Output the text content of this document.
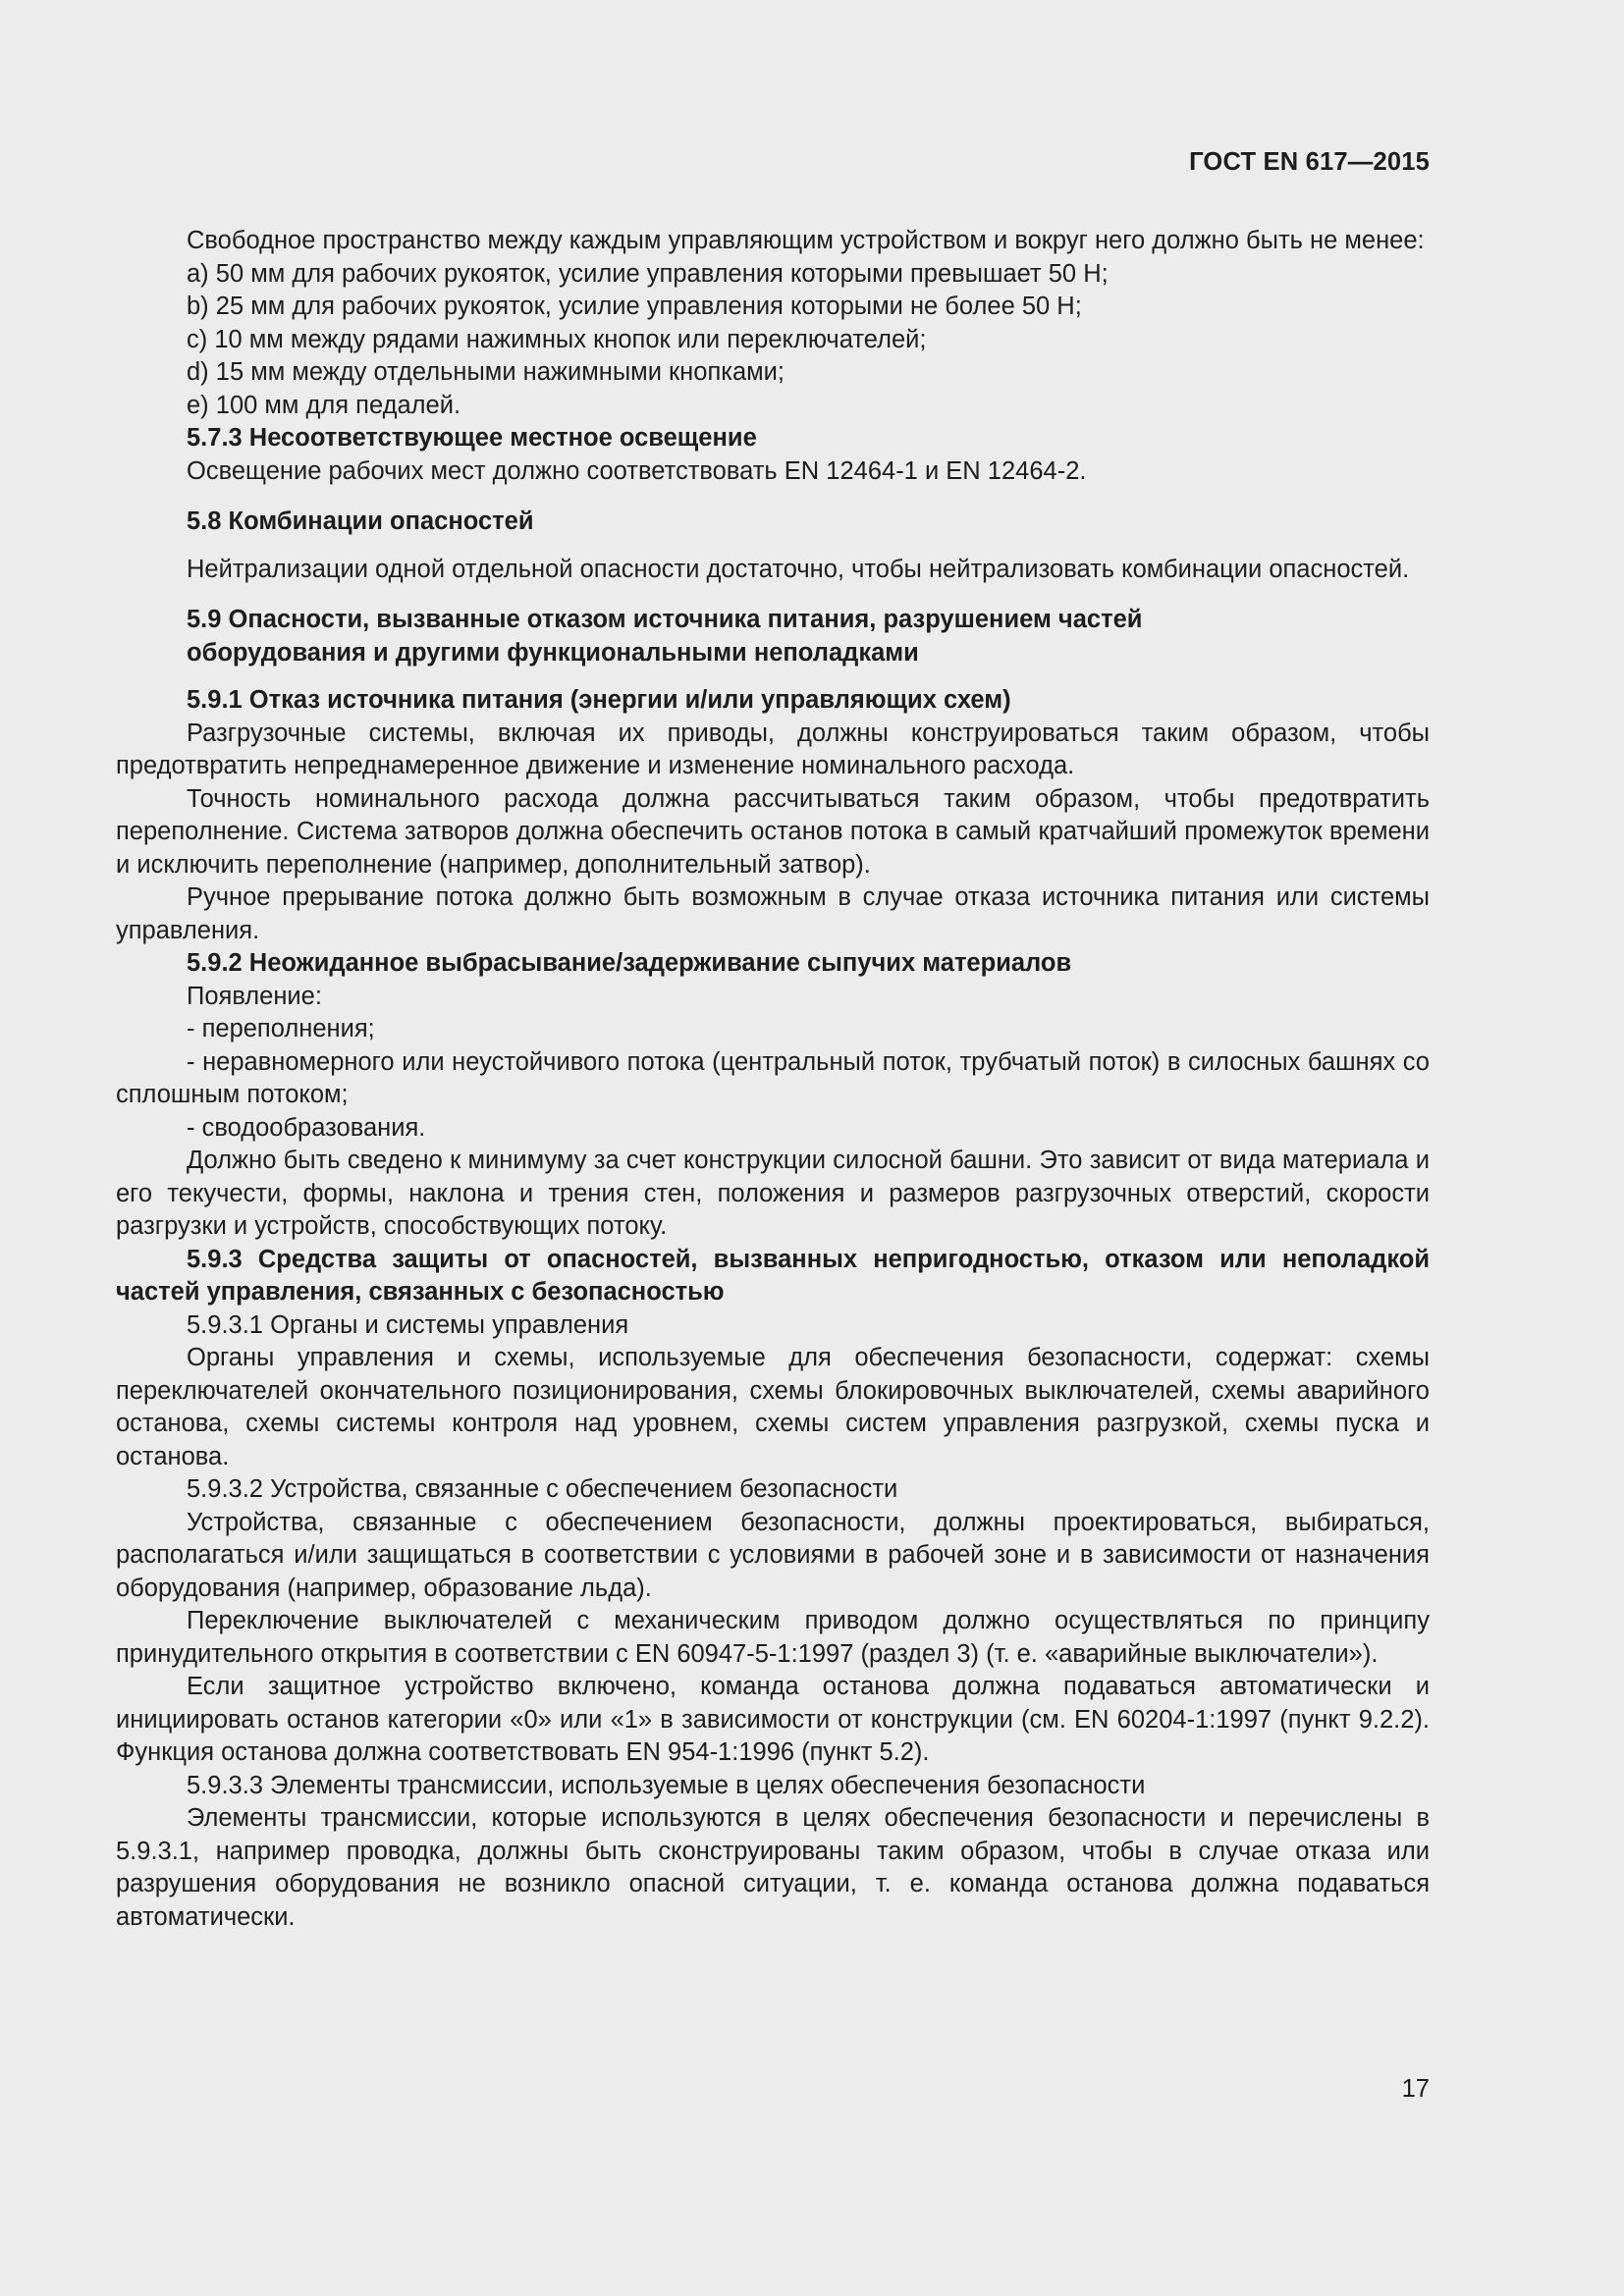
ГОСТ EN 617—2015

Свободное пространство между каждым управляющим устройством и вокруг него должно быть не менее:

a) 50 мм для рабочих рукояток, усилие управления которыми превышает 50 Н;

b) 25 мм для рабочих рукояток, усилие управления которыми не более 50 Н;

c) 10 мм между рядами нажимных кнопок или переключателей;

d) 15 мм между отдельными нажимными кнопками;

e) 100 мм для педалей.

5.7.3 Несоответствующее местное освещение

Освещение рабочих мест должно соответствовать EN 12464-1 и EN 12464-2.

5.8 Комбинации опасностей

Нейтрализации одной отдельной опасности достаточно, чтобы нейтрализовать комбинации опасностей.

5.9 Опасности, вызванные отказом источника питания, разрушением частей

оборудования и другими функциональными неполадками

5.9.1 Отказ источника питания (энергии и/или управляющих схем)

Разгрузочные системы, включая их приводы, должны конструироваться таким образом, чтобы предотвратить непреднамеренное движение и изменение номинального расхода.

Точность номинального расхода должна рассчитываться таким образом, чтобы предотвратить переполнение. Система затворов должна обеспечить останов потока в самый кратчайший промежуток времени и исключить переполнение (например, дополнительный затвор).

Ручное прерывание потока должно быть возможным в случае отказа источника питания или системы управления.

5.9.2 Неожиданное выбрасывание/задерживание сыпучих материалов

Появление:

- переполнения;

- неравномерного или неустойчивого потока (центральный поток, трубчатый поток) в силосных башнях со сплошным потоком;

- сводообразования.

Должно быть сведено к минимуму за счет конструкции силосной башни. Это зависит от вида материала и его текучести, формы, наклона и трения стен, положения и размеров разгрузочных отверстий, скорости разгрузки и устройств, способствующих потоку.

5.9.3 Средства защиты от опасностей, вызванных непригодностью, отказом или неполадкой частей управления, связанных с безопасностью

5.9.3.1 Органы и системы управления

Органы управления и схемы, используемые для обеспечения безопасности, содержат: схемы переключателей окончательного позиционирования, схемы блокировочных выключателей, схемы аварийного останова, схемы системы контроля над уровнем, схемы систем управления разгрузкой, схемы пуска и останова.

5.9.3.2 Устройства, связанные с обеспечением безопасности

Устройства, связанные с обеспечением безопасности, должны проектироваться, выбираться, располагаться и/или защищаться в соответствии с условиями в рабочей зоне и в зависимости от назначения оборудования (например, образование льда).

Переключение выключателей с механическим приводом должно осуществляться по принципу принудительного открытия в соответствии с EN 60947-5-1:1997 (раздел 3) (т. е. «аварийные выключатели»).

Если защитное устройство включено, команда останова должна подаваться автоматически и инициировать останов категории «0» или «1» в зависимости от конструкции (см. EN 60204-1:1997 (пункт 9.2.2). Функция останова должна соответствовать EN 954-1:1996 (пункт 5.2).

5.9.3.3 Элементы трансмиссии, используемые в целях обеспечения безопасности

Элементы трансмиссии, которые используются в целях обеспечения безопасности и перечислены в 5.9.3.1, например проводка, должны быть сконструированы таким образом, чтобы в случае отказа или разрушения оборудования не возникло опасной ситуации, т. е. команда останова должна подаваться автоматически.

17
